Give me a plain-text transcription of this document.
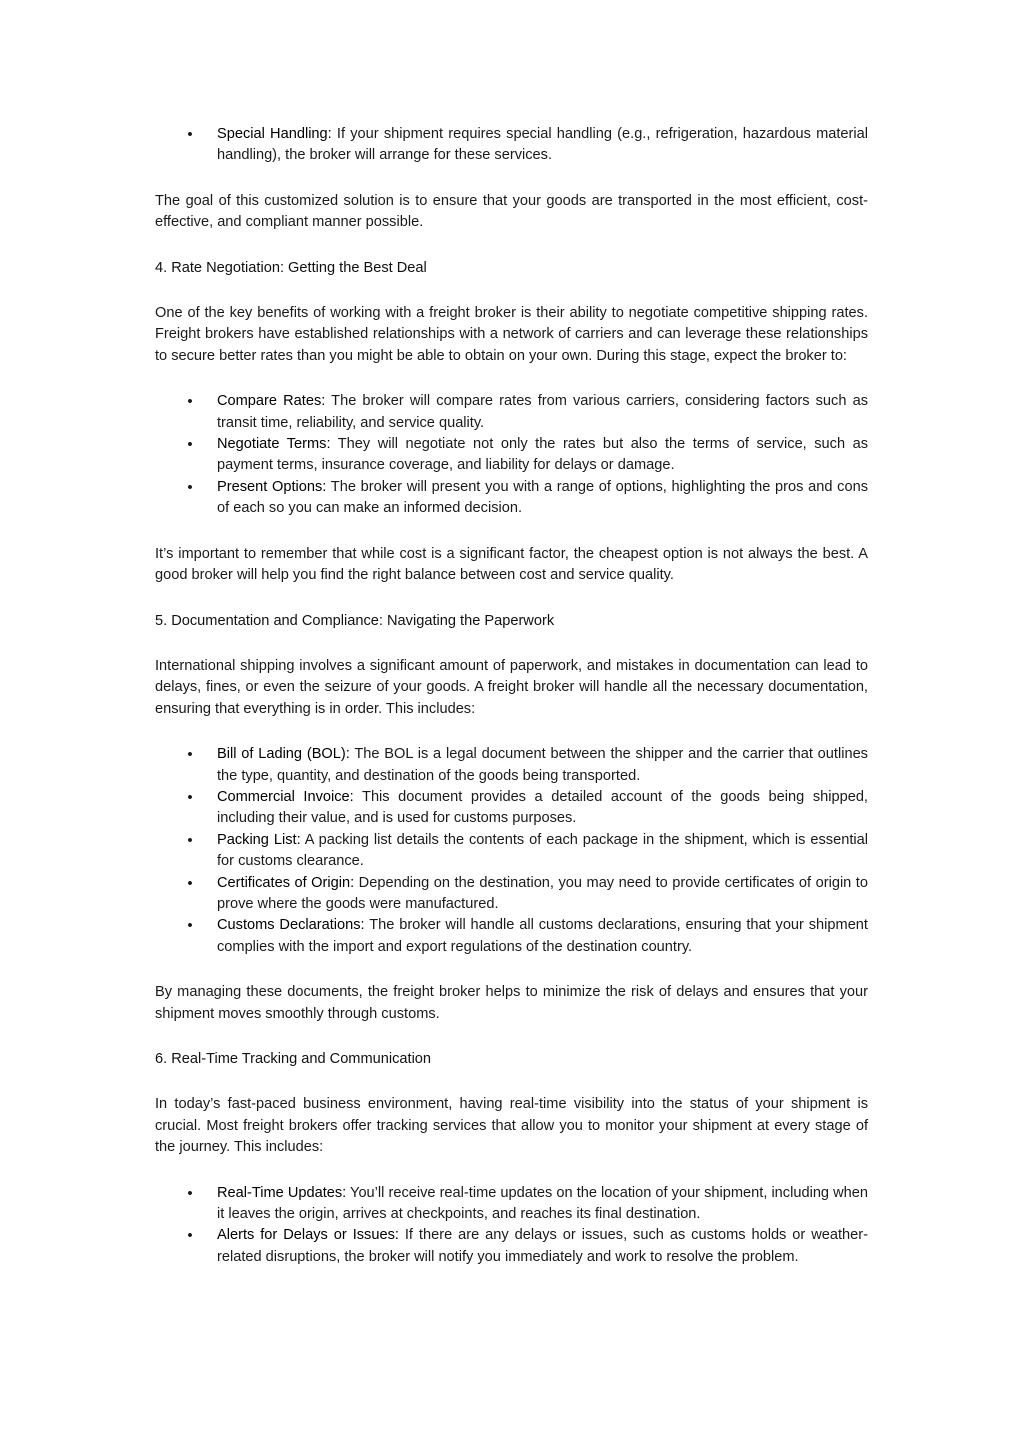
• Special Handling: If your shipment requires special handling (e.g., refrigeration, hazardous material handling), the broker will arrange for these services.

The goal of this customized solution is to ensure that your goods are transported in the most efficient, cost-effective, and compliant manner possible.

4. Rate Negotiation: Getting the Best Deal

One of the key benefits of working with a freight broker is their ability to negotiate competitive shipping rates. Freight brokers have established relationships with a network of carriers and can leverage these relationships to secure better rates than you might be able to obtain on your own. During this stage, expect the broker to:

• Compare Rates: The broker will compare rates from various carriers, considering factors such as transit time, reliability, and service quality.
• Negotiate Terms: They will negotiate not only the rates but also the terms of service, such as payment terms, insurance coverage, and liability for delays or damage.
• Present Options: The broker will present you with a range of options, highlighting the pros and cons of each so you can make an informed decision.

It’s important to remember that while cost is a significant factor, the cheapest option is not always the best. A good broker will help you find the right balance between cost and service quality.

5. Documentation and Compliance: Navigating the Paperwork

International shipping involves a significant amount of paperwork, and mistakes in documentation can lead to delays, fines, or even the seizure of your goods. A freight broker will handle all the necessary documentation, ensuring that everything is in order. This includes:

• Bill of Lading (BOL): The BOL is a legal document between the shipper and the carrier that outlines the type, quantity, and destination of the goods being transported.
• Commercial Invoice: This document provides a detailed account of the goods being shipped, including their value, and is used for customs purposes.
• Packing List: A packing list details the contents of each package in the shipment, which is essential for customs clearance.
• Certificates of Origin: Depending on the destination, you may need to provide certificates of origin to prove where the goods were manufactured.
• Customs Declarations: The broker will handle all customs declarations, ensuring that your shipment complies with the import and export regulations of the destination country.

By managing these documents, the freight broker helps to minimize the risk of delays and ensures that your shipment moves smoothly through customs.

6. Real-Time Tracking and Communication

In today’s fast-paced business environment, having real-time visibility into the status of your shipment is crucial. Most freight brokers offer tracking services that allow you to monitor your shipment at every stage of the journey. This includes:

• Real-Time Updates: You’ll receive real-time updates on the location of your shipment, including when it leaves the origin, arrives at checkpoints, and reaches its final destination.
• Alerts for Delays or Issues: If there are any delays or issues, such as customs holds or weather-related disruptions, the broker will notify you immediately and work to resolve the problem.
